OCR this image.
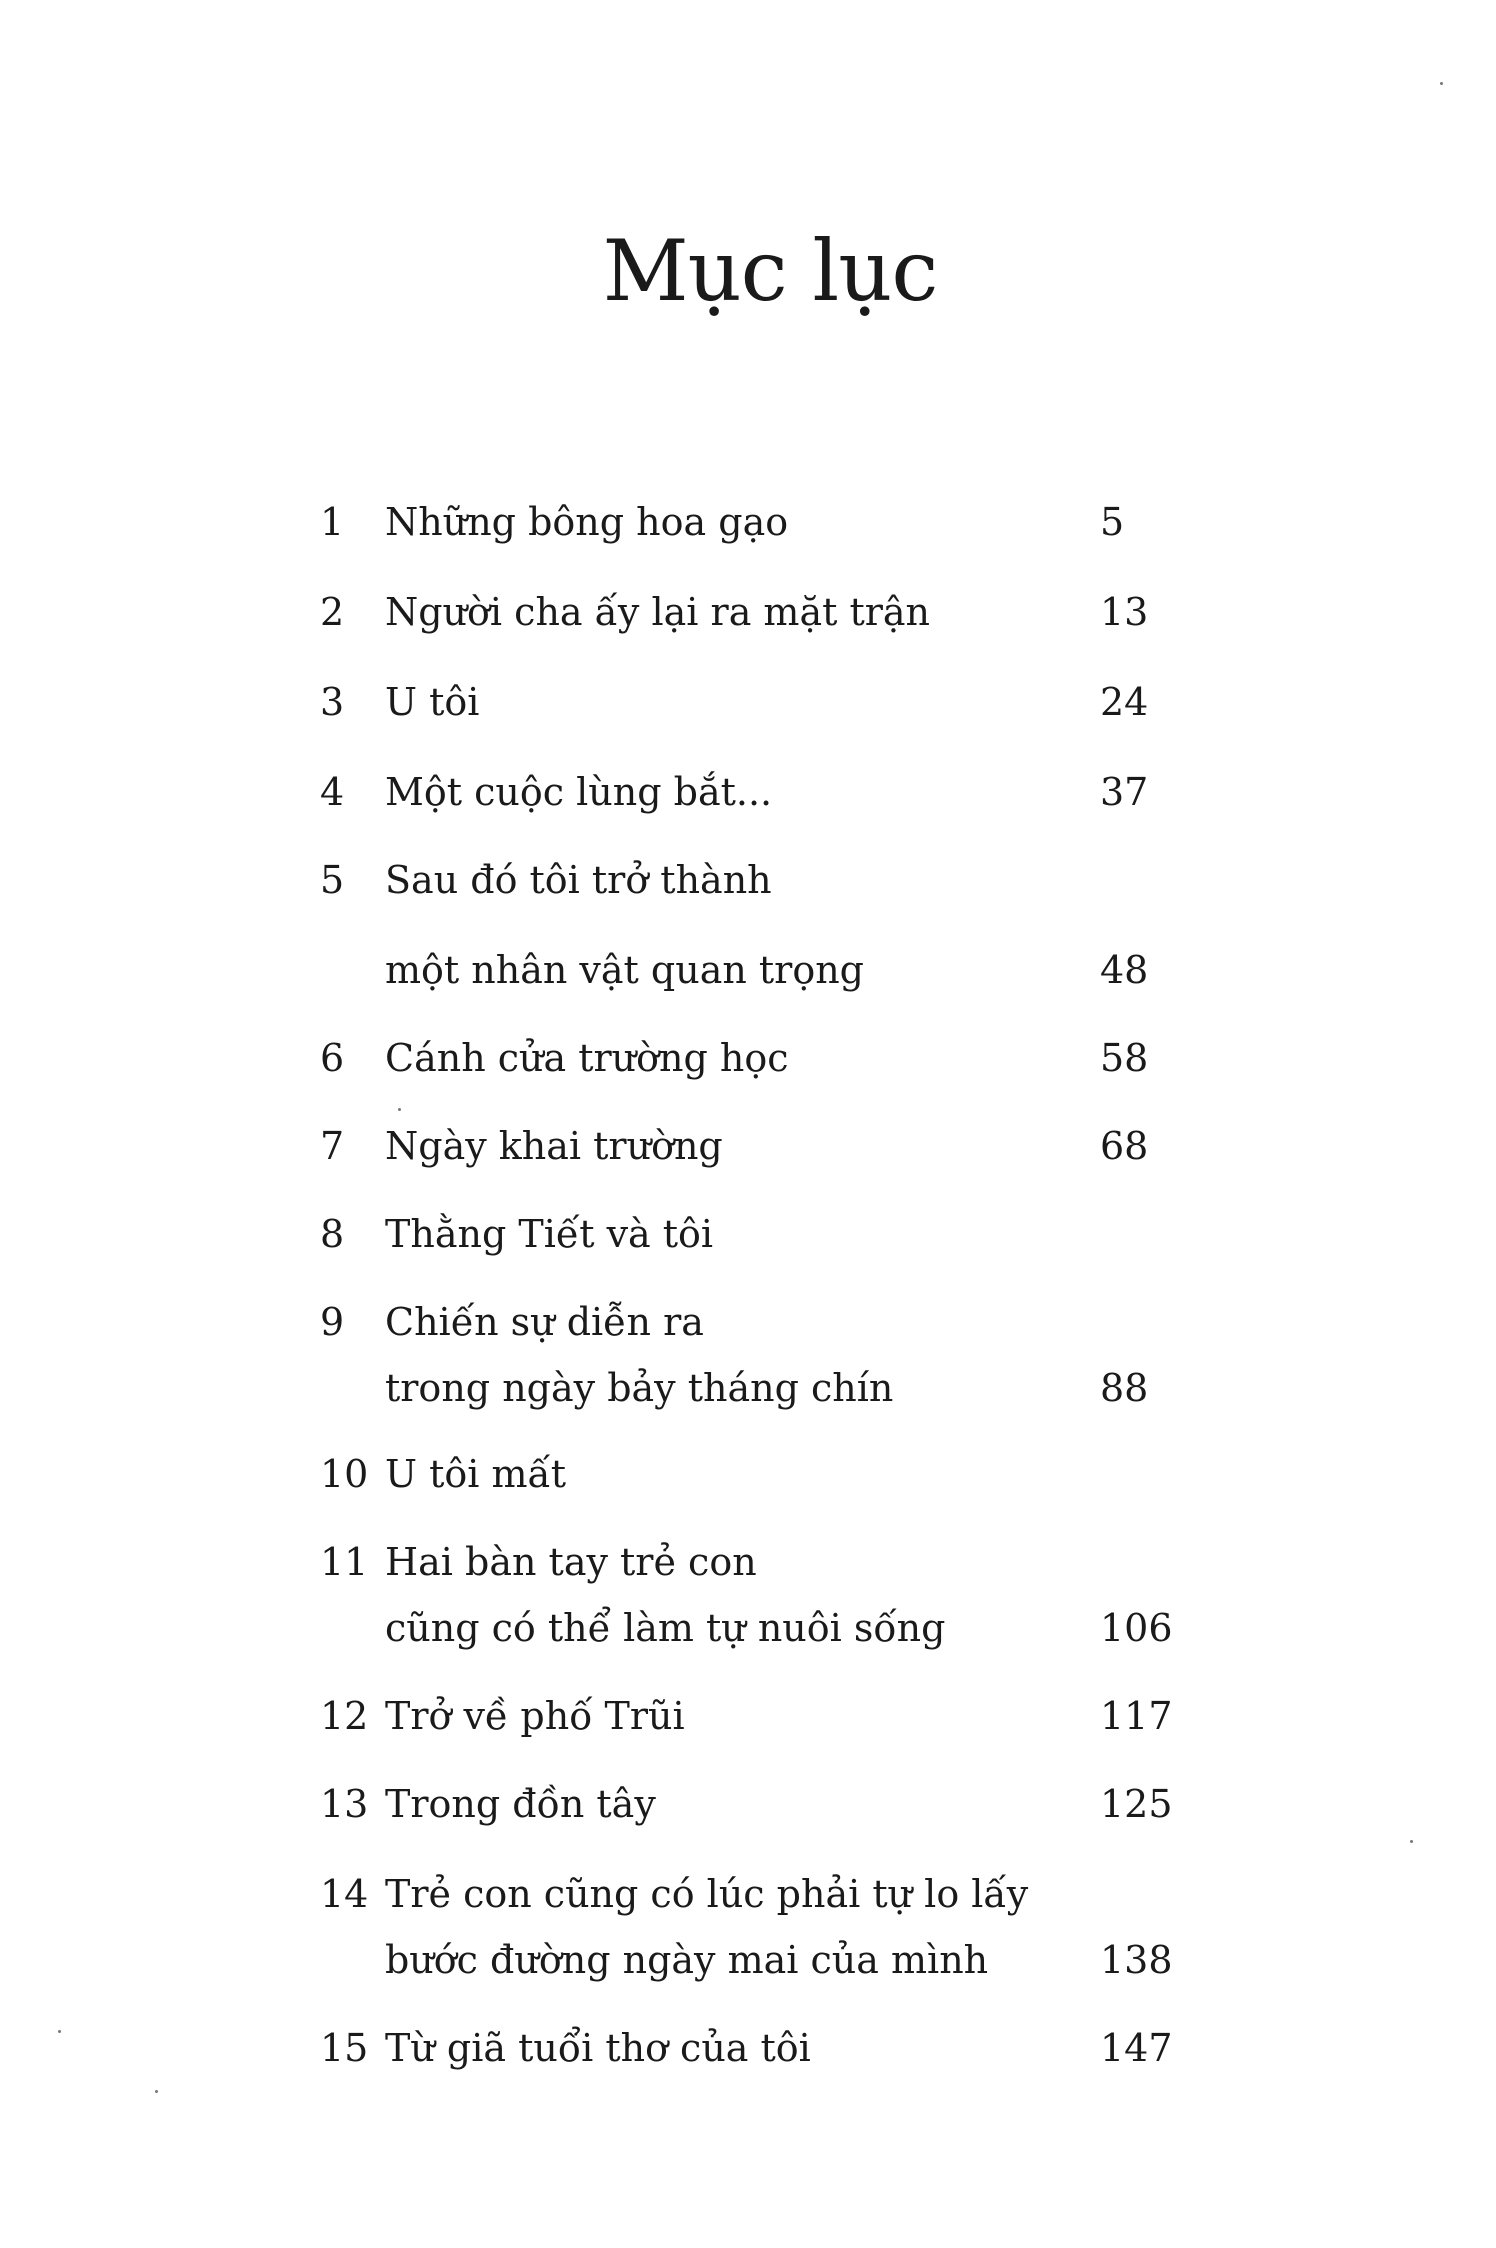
Mục lục
1	Những bông hoa gạo	5
2	Người cha ấy lại ra mặt trận	13
3	U tôi	24
4	Một cuộc lùng bắt...	37
5	Sau đó tôi trở thành
một nhân vật quan trọng	48
6	Cánh cửa trường học	58
7	Ngày khai trường	68
8	Thằng Tiết và tôi
9	Chiến sự diễn ra
trong ngày bảy tháng chín	88
10 U tôi mất
11 Hai bàn tay trẻ con
cũng có thể làm tự nuôi sống	106
12 Trở về phố Trũi	117
13 Trong đồn tây	125
14 Trẻ con cũng có lúc phải tự lo lấy
bước đường ngày mai của mình	138
15 Từ giã tuổi thơ của tôi	147
